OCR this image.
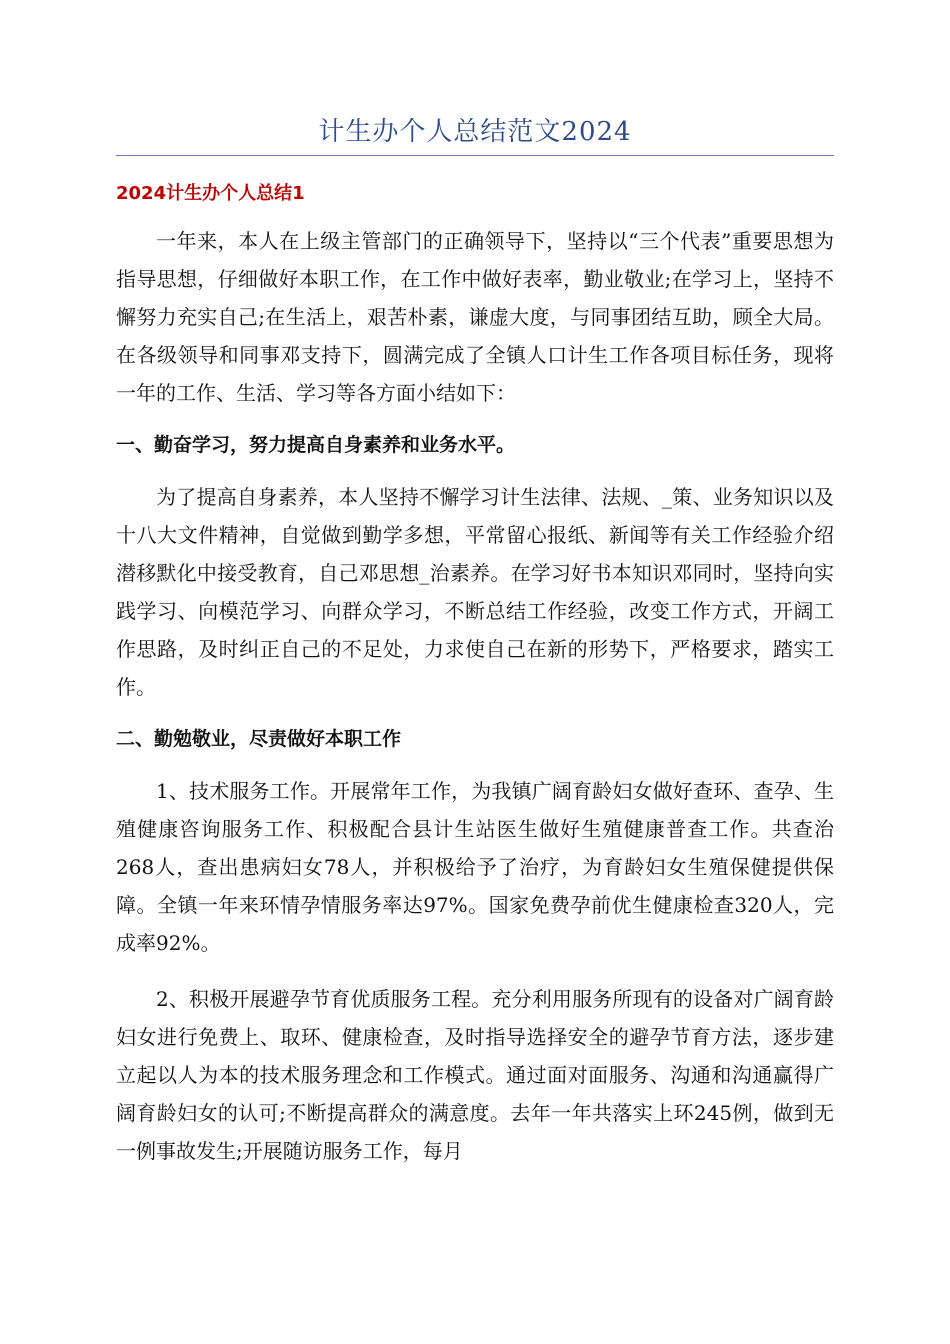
计生办个人总结范文2024
2024计生办个人总结1

一年来，本人在上级主管部门的正确领导下，坚持以“三个代表”重要思想为指导思想，仔细做好本职工作，在工作中做好表率，勤业敬业;在学习上，坚持不懈努力充实自己;在生活上，艰苦朴素，谦虚大度，与同事团结互助，顾全大局。在各级领导和同事邓支持下，圆满完成了全镇人口计生工作各项目标任务，现将一年的工作、生活、学习等各方面小结如下：

一、勤奋学习，努力提高自身素养和业务水平。

为了提高自身素养，本人坚持不懈学习计生法律、法规、_策、业务知识以及十八大文件精神，自觉做到勤学多想，平常留心报纸、新闻等有关工作经验介绍潜移默化中接受教育，自己邓思想_治素养。在学习好书本知识邓同时，坚持向实践学习、向模范学习、向群众学习，不断总结工作经验，改变工作方式，开阔工作思路，及时纠正自己的不足处，力求使自己在新的形势下，严格要求，踏实工作。

二、勤勉敬业，尽责做好本职工作

1、技术服务工作。开展常年工作，为我镇广阔育龄妇女做好查环、查孕、生殖健康咨询服务工作、积极配合县计生站医生做好生殖健康普查工作。共查治268人，查出患病妇女78人，并积极给予了治疗，为育龄妇女生殖保健提供保障。全镇一年来环情孕情服务率达97%。国家免费孕前优生健康检查320人，完成率92%。

2、积极开展避孕节育优质服务工程。充分利用服务所现有的设备对广阔育龄妇女进行免费上、取环、健康检查，及时指导选择安全的避孕节育方法，逐步建立起以人为本的技术服务理念和工作模式。通过面对面服务、沟通和沟通赢得广阔育龄妇女的认可;不断提高群众的满意度。去年一年共落实上环245例，做到无一例事故发生;开展随访服务工作，每月
